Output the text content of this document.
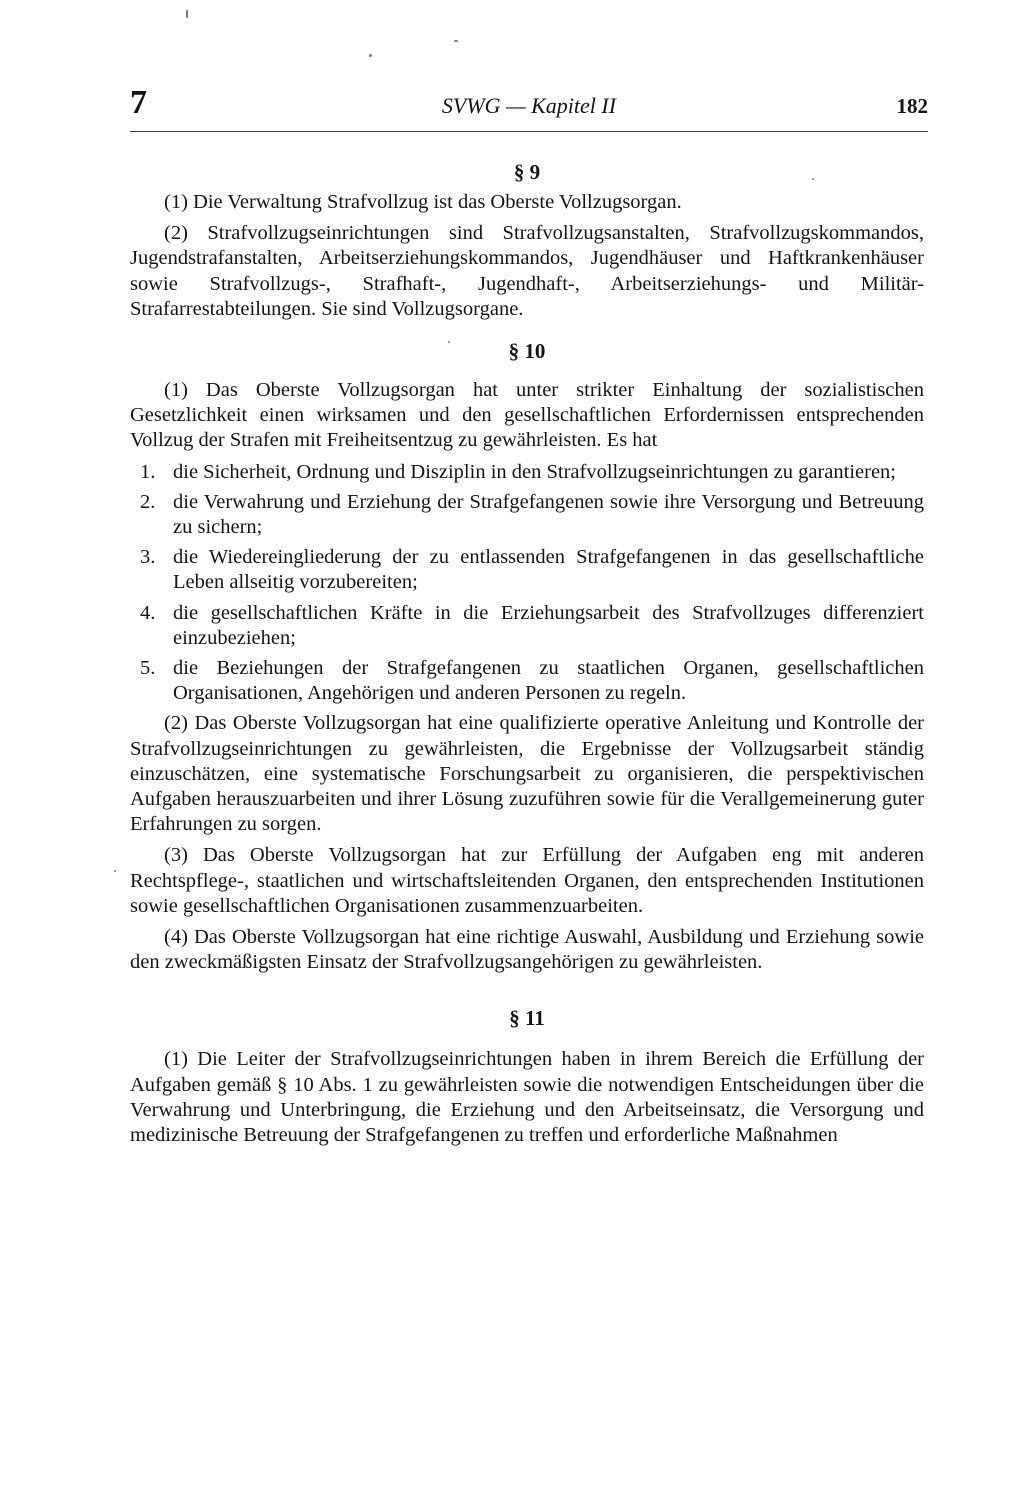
7	SVWG — Kapitel II	182
§ 9

(1) Die Verwaltung Strafvollzug ist das Oberste Vollzugsorgan.

(2) Strafvollzugseinrichtungen sind Strafvollzugsanstalten, Strafvollzugskommandos, Jugendstrafanstalten, Arbeitserziehungskommandos, Jugendhäuser und Haftkrankenhäuser sowie Strafvollzugs-, Strafhaft-, Jugendhaft-, Arbeitserziehungs- und Militär-Strafarrestabteilungen. Sie sind Vollzugsorgane.

§ 10

(1) Das Oberste Vollzugsorgan hat unter strikter Einhaltung der sozialistischen Gesetzlichkeit einen wirksamen und den gesellschaftlichen Erfordernissen entsprechenden Vollzug der Strafen mit Freiheitsentzug zu gewährleisten. Es hat

1. die Sicherheit, Ordnung und Disziplin in den Strafvollzugseinrichtungen zu garantieren;
2. die Verwahrung und Erziehung der Strafgefangenen sowie ihre Versorgung und Betreuung zu sichern;
3. die Wiedereingliederung der zu entlassenden Strafgefangenen in das gesellschaftliche Leben allseitig vorzubereiten;
4. die gesellschaftlichen Kräfte in die Erziehungsarbeit des Strafvollzuges differenziert einzubeziehen;
5. die Beziehungen der Strafgefangenen zu staatlichen Organen, gesellschaftlichen Organisationen, Angehörigen und anderen Personen zu regeln.

(2) Das Oberste Vollzugsorgan hat eine qualifizierte operative Anleitung und Kontrolle der Strafvollzugseinrichtungen zu gewährleisten, die Ergebnisse der Vollzugsarbeit ständig einzuschätzen, eine systematische Forschungsarbeit zu organisieren, die perspektivischen Aufgaben herauszuarbeiten und ihrer Lösung zuzuführen sowie für die Verallgemeinerung guter Erfahrungen zu sorgen.

(3) Das Oberste Vollzugsorgan hat zur Erfüllung der Aufgaben eng mit anderen Rechtspflege-, staatlichen und wirtschaftsleitenden Organen, den entsprechenden Institutionen sowie gesellschaftlichen Organisationen zusammenzuarbeiten.

(4) Das Oberste Vollzugsorgan hat eine richtige Auswahl, Ausbildung und Erziehung sowie den zweckmäßigsten Einsatz der Strafvollzugsangehörigen zu gewährleisten.

§ 11

(1) Die Leiter der Strafvollzugseinrichtungen haben in ihrem Bereich die Erfüllung der Aufgaben gemäß § 10 Abs. 1 zu gewährleisten sowie die notwendigen Entscheidungen über die Verwahrung und Unterbringung, die Erziehung und den Arbeitseinsatz, die Versorgung und medizinische Betreuung der Strafgefangenen zu treffen und erforderliche Maßnahmen
